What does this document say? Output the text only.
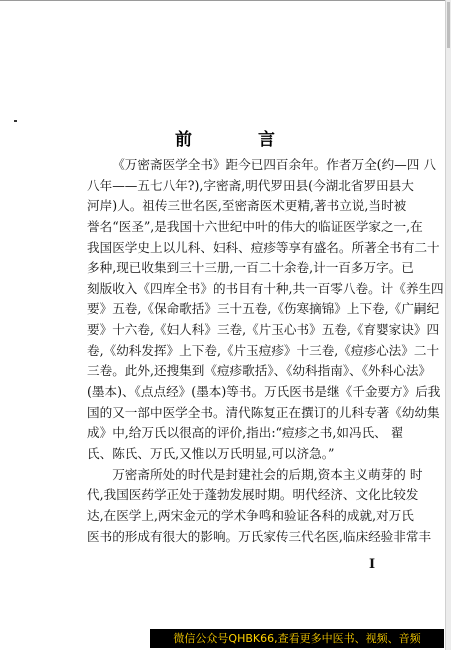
前 言
《万密斋医学全书》距今已四百余年。作者万全(约—四 八
八年——五七八年?),字密斋,明代罗田县(今湖北省罗田县大
河岸)人。祖传三世名医,至密斋医术更精,著书立说,当时被
誉名“医圣”,是我国十六世纪中叶的伟大的临证医学家之一,在
我国医学史上以儿科、妇科、痘疹等享有盛名。所著全书有二十
多种,现已收集到三十三册,一百二十余卷,计一百多万字。已
刻版收入《四库全书》的书目有十种,共一百零八卷。计《养生四
要》五卷,《保命歌括》三十五卷,《伤寒摘锦》上下卷,《广嗣纪
要》十六卷,《妇人科》三卷,《片玉心书》五卷,《育婴家诀》四
卷,《幼科发挥》上下卷,《片玉痘疹》十三卷,《痘疹心法》二十
三卷。此外,还搜集到《痘疹歌括》、《幼科指南》、《外科心法》
(墨本)、《点点经》(墨本)等书。万氏医书是继《千金要方》后我
国的又一部中医学全书。清代陈复正在撰订的儿科专著《幼幼集
成》中,给万氏以很高的评价,指出:“痘疹之书,如冯氏、 翟
氏、陈氏、万氏,又惟以万氏明显,可以济急。”
万密斋所处的时代是封建社会的后期,资本主义萌芽的 时
代,我国医药学正处于蓬勃发展时期。明代经济、文化比较发
达,在医学上,两宋金元的学术争鸣和验证各科的成就,对万氏
医书的形成有很大的影响。万氏家传三代名医,临床经验非常丰
I
微信公众号QHBK66,查看更多中医书、视频、音频
